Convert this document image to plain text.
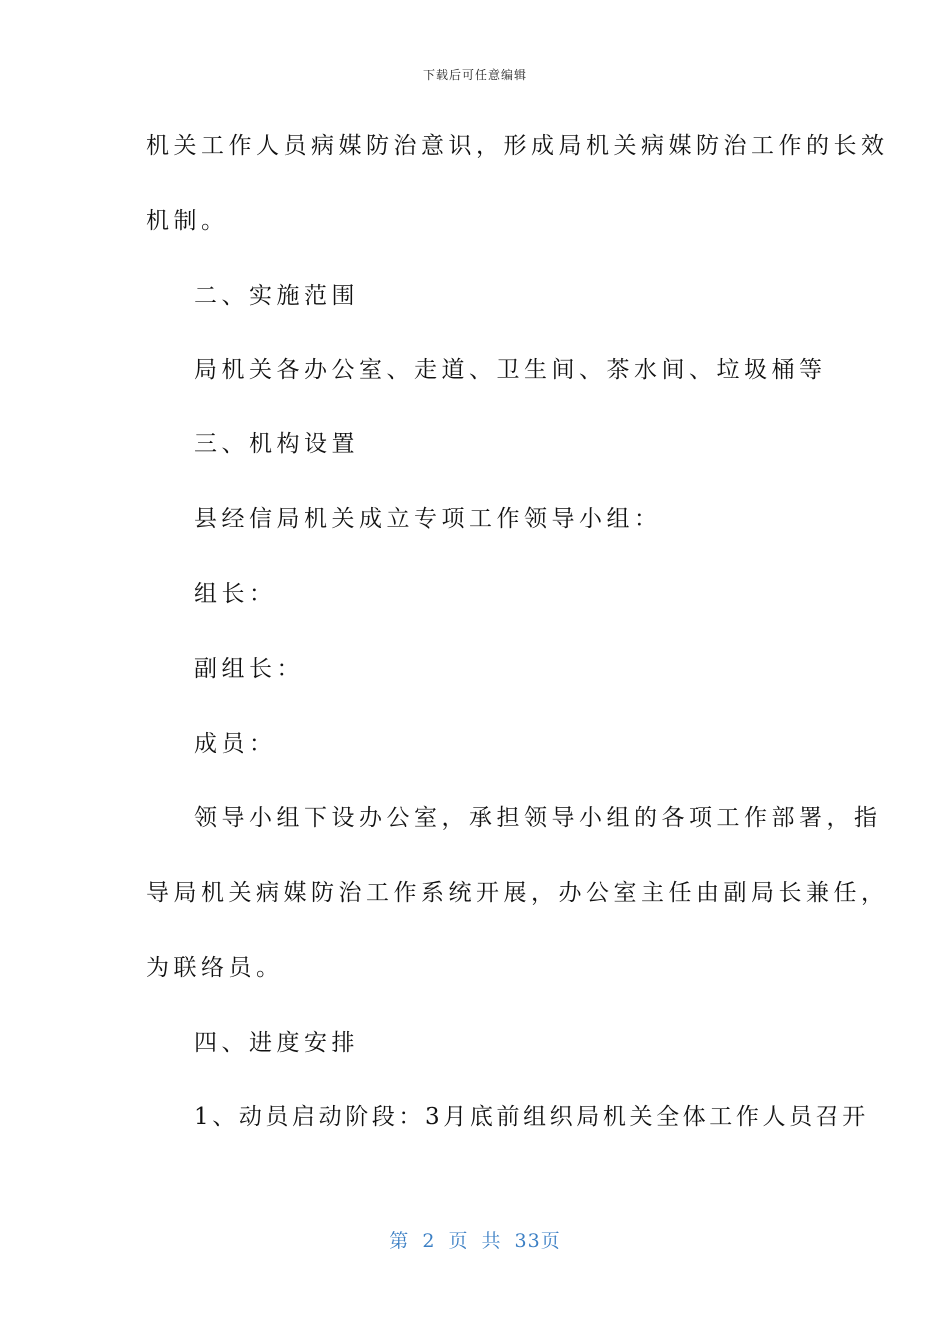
下载后可任意编辑
机关工作人员病媒防治意识，形成局机关病媒防治工作的长效
机制。
二、实施范围
局机关各办公室、走道、卫生间、茶水间、垃圾桶等
三、机构设置
县经信局机关成立专项工作领导小组：
组长：
副组长：
成员：
领导小组下设办公室，承担领导小组的各项工作部署，指
导局机关病媒防治工作系统开展，办公室主任由副局长兼任，
为联络员。
四、进度安排
1、动员启动阶段：3月底前组织局机关全体工作人员召开
第 2 页 共 33页
